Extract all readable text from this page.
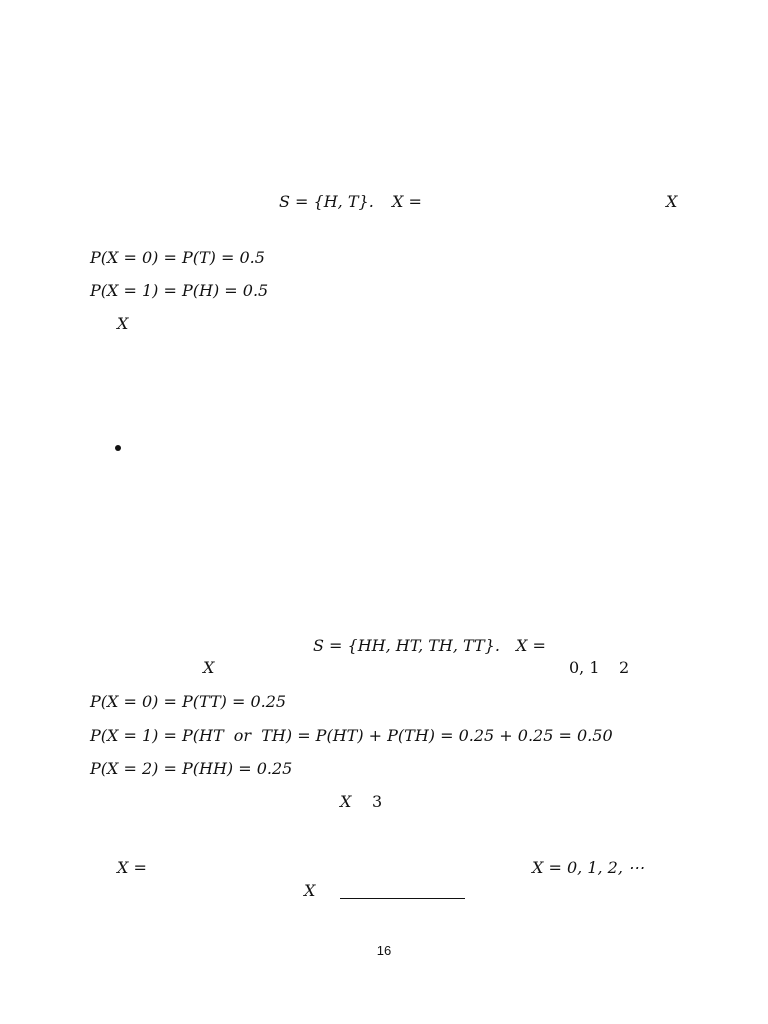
S = {H, T}. X =	X
P(X = 0) = P(T) = 0.5
P(X = 1) = P(H) = 0.5
X
S = {HH, HT, TH, TT}. X =
X	0, 1 2
P(X = 0) = P(TT) = 0.25
P(X = 1) = P(HT  or  TH) = P(HT) + P(TH) = 0.25 + 0.25 = 0.50
P(X = 2) = P(HH) = 0.25
X 3
X =	X = 0, 1, 2, ⋯
X
16
